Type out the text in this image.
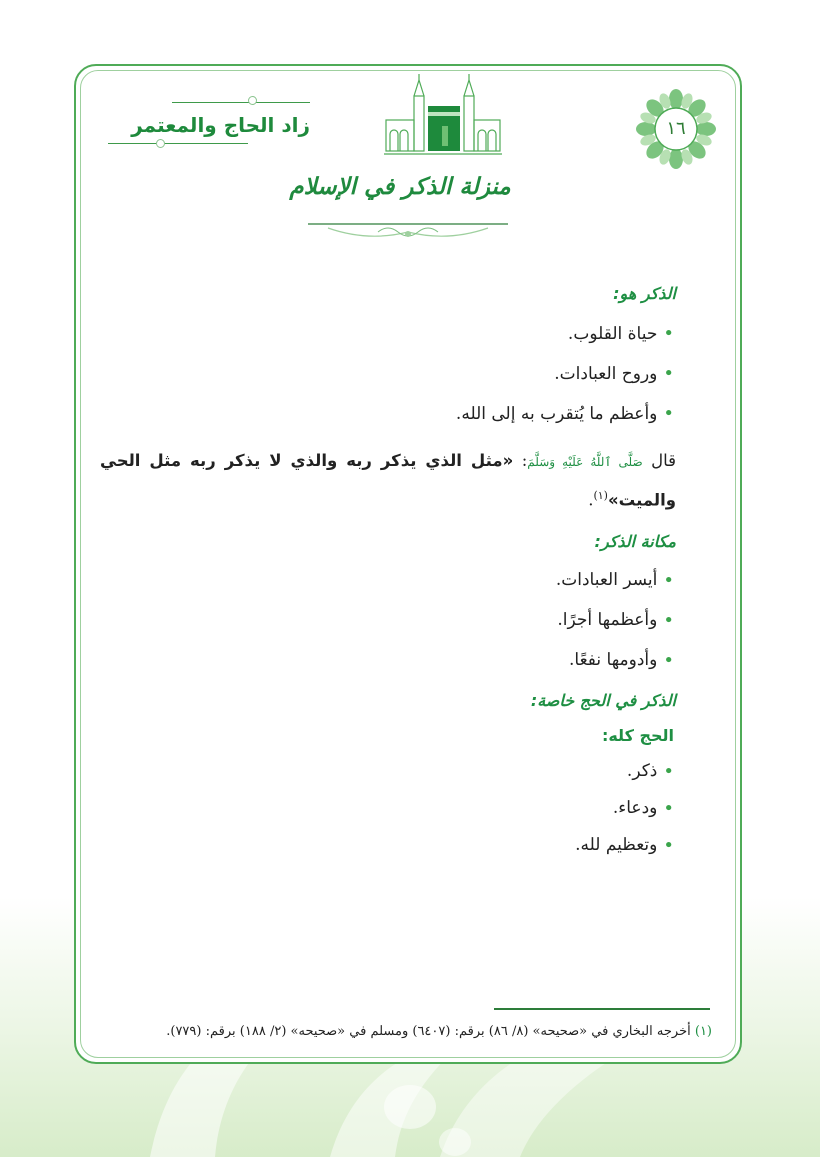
١٦
زاد الحاج والمعتمر
منزلة الذكر في الإسلام

الذكر هو:

•
حياة القلوب.

•
وروح العبادات.

•
وأعظم ما يُتقرب به إلى الله.

قال صَلَّى ٱللَّهُ عَلَيْهِ وَسَلَّمَ: «مثل الذي يذكر ربه والذي لا يذكر ربه مثل الحي والميت»$^{(١)}$.

مكانة الذكر:

•
أيسر العبادات.

•
وأعظمها أجرًا.

•
وأدومها نفعًا.

الذكر في الحج خاصة:

الحج كله:

•
ذكر.

•
ودعاء.

•
وتعظيم لله.

(١) أخرجه البخاري في «صحيحه» (٨/ ٨٦) برقم: (٦٤٠٧) ومسلم في «صحيحه» (٢/ ١٨٨) برقم: (٧٧٩).
